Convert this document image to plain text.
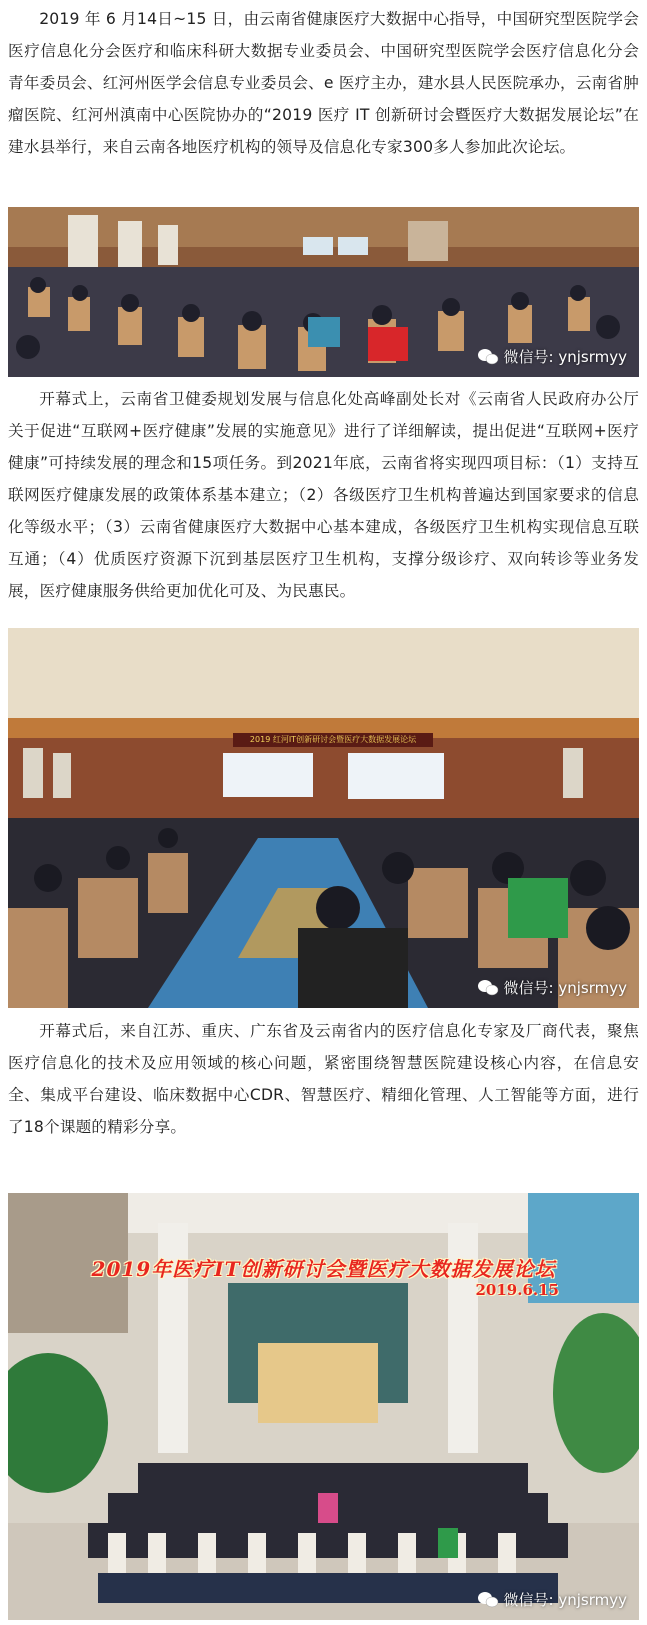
2019 年 6 月14日~15 日，由云南省健康医疗大数据中心指导，中国研究型医院学会医疗信息化分会医疗和临床科研大数据专业委员会、中国研究型医院学会医疗信息化分会青年委员会、红河州医学会信息专业委员会、e 医疗主办，建水县人民医院承办，云南省肿瘤医院、红河州滇南中心医院协办的“2019 医疗 IT 创新研讨会暨医疗大数据发展论坛”在建水县举行，来自云南各地医疗机构的领导及信息化专家300多人参加此次论坛。

微信号: ynjsrmyy

开幕式上，云南省卫健委规划发展与信息化处高峰副处长对《云南省人民政府办公厅关于促进“互联网+医疗健康”发展的实施意见》进行了详细解读，提出促进“互联网+医疗健康”可持续发展的理念和15项任务。到2021年底，云南省将实现四项目标：（1）支持互联网医疗健康发展的政策体系基本建立；（2）各级医疗卫生机构普遍达到国家要求的信息化等级水平；（3）云南省健康医疗大数据中心基本建成，各级医疗卫生机构实现信息互联互通；（4）优质医疗资源下沉到基层医疗卫生机构，支撑分级诊疗、双向转诊等业务发展，医疗健康服务供给更加优化可及、为民惠民。

2019 红河IT创新研讨会暨医疗大数据发展论坛
微信号: ynjsrmyy

开幕式后，来自江苏、重庆、广东省及云南省内的医疗信息化专家及厂商代表，聚焦医疗信息化的技术及应用领域的核心问题，紧密围绕智慧医院建设核心内容，在信息安全、集成平台建设、临床数据中心CDR、智慧医疗、精细化管理、人工智能等方面，进行了18个课题的精彩分享。

2019年医疗IT创新研讨会暨医疗大数据发展论坛
2019.6.15
微信号: ynjsrmyy
